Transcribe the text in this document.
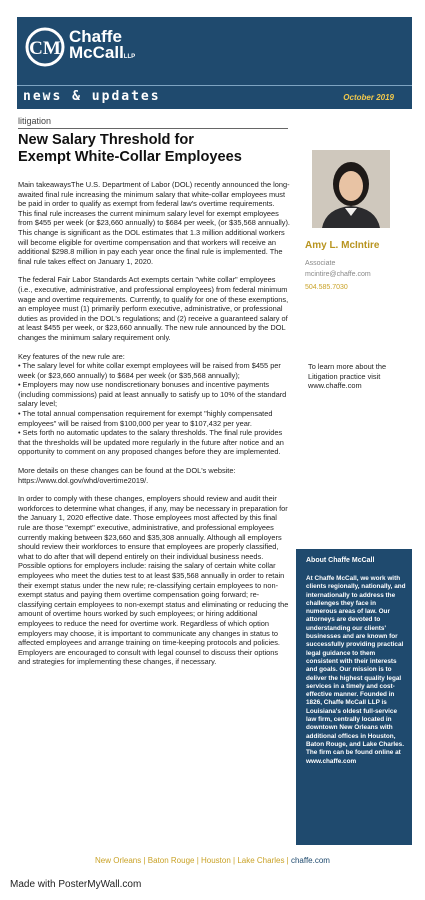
CM
Chaffe
McCallLLP
news & updates	October 2019
litigation
New Salary Threshold for
Exempt White-Collar Employees

Main takeawaysThe U.S. Department of Labor (DOL) recently announced the long-awaited final rule increasing the minimum salary that white-collar employees must be paid in order to qualify as exempt from federal law's overtime requirements. This final rule increases the current minimum salary level for exempt employees from $455 per week (or $23,660 annually) to $684 per week, (or $35,568 annually). This change is significant as the DOL estimates that 1.3 million additional workers will become eligible for overtime compensation and that workers will receive an additional $298.8 million in pay each year once the final rule is implemented. The final rule takes effect on January 1, 2020.

The federal Fair Labor Standards Act exempts certain "white collar" employees (i.e., executive, administrative, and professional employees) from federal minimum wage and overtime requirements. Currently, to qualify for one of these exemptions, an employee must (1) primarily perform executive, administrative, or professional duties as provided in the DOL's regulations; and (2) receive a guaranteed salary of at least $455 per week, or $23,660 annually. The new rule announced by the DOL changes the minimum salary requirement only.

Key features of the new rule are:
• The salary level for white collar exempt employees will be raised from $455 per week (or $23,660 annually) to $684 per week (or $35,568 annually);
• Employers may now use nondiscretionary bonuses and incentive payments (including commissions) paid at least annually to satisfy up to 10% of the standard salary level;
• The total annual compensation requirement for exempt "highly compensated employees" will be raised from $100,000 per year to $107,432 per year.
• Sets forth no automatic updates to the salary thresholds. The final rule provides that the thresholds will be updated more regularly in the future after notice and an opportunity to comment on any proposed changes before they are implemented.

More details on these changes can be found at the DOL's website: https://www.dol.gov/whd/overtime2019/.

In order to comply with these changes, employers should review and audit their workforces to determine what changes, if any, may be necessary in preparation for the January 1, 2020 effective date. Those employees most affected by this final rule are those "exempt" executive, administrative, and professional employees currently making between $23,660 and $35,308 annually. Although all employers should review their workforces to ensure that employees are properly classified, what to do after that will depend entirely on their individual business needs. Possible options for employers include: raising the salary of certain white collar employees who meet the duties test to at least $35,568 annually in order to retain their exempt status under the new rule; re-classifying certain employees to non-exempt status and paying them overtime compensation going forward; re-classifying certain employees to non-exempt status and eliminating or reducing the amount of overtime hours worked by such employees; or hiring additional employees to reduce the need for overtime work. Regardless of which option employers may choose, it is important to communicate any changes in status to affected employees and arrange training on time-keeping protocols and policies. Employers are encouraged to consult with legal counsel to discuss their options and strategies for implementing these changes, if necessary.

Amy L. McIntire
Associate
mcintire@chaffe.com
504.585.7030
To learn more about the Litigation practice visit www.chaffe.com
About Chaffe McCall
At Chaffe McCall, we work with clients regionally, nationally, and internationally to address the challenges they face in numerous areas of law. Our attorneys are devoted to understanding our clients' businesses and are known for successfully providing practical legal guidance to them consistent with their interests and goals. Our mission is to deliver the highest quality legal services in a timely and cost-effective manner. Founded in 1826, Chaffe McCall LLP is Louisiana's oldest full-service law firm, centrally located in downtown New Orleans with additional offices in Houston, Baton Rouge, and Lake Charles. The firm can be found online at www.chaffe.com
New Orleans | Baton Rouge | Houston | Lake Charles | chaffe.com
Made with PosterMyWall.com
